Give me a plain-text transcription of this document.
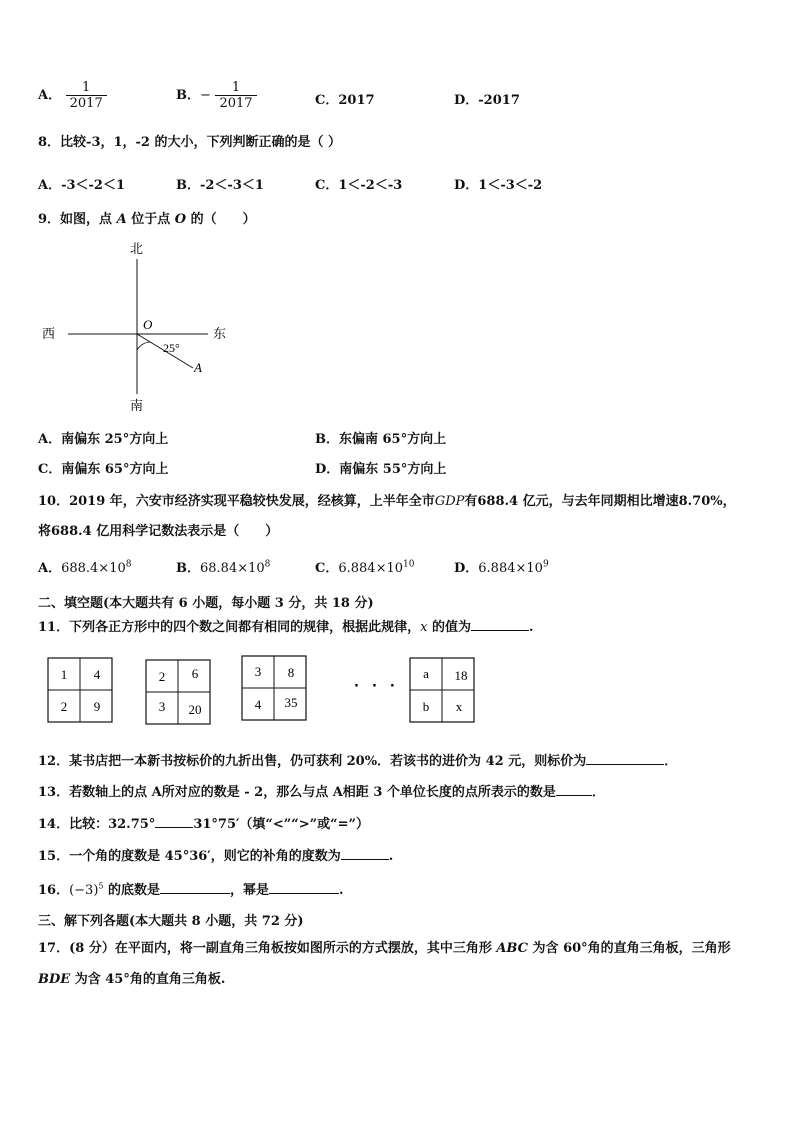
A． $\frac{1}{2017}$	B．− $\frac{1}{2017}$	C．2017	D．-2017
8．比较-3，1，-2 的大小，下列判断正确的是（ ）
A．-3＜-2＜1	B．-2＜-3＜1	C．1＜-2＜-3	D．1＜-3＜-2
9．如图，点 A 位于点 O 的（　　）
北
南
西	东
O
25°
A
A．南偏东 25°方向上	B．东偏南 65°方向上
C．南偏东 65°方向上	D．南偏东 55°方向上
10．2019 年，六安市经济实现平稳较快发展，经核算，上半年全市GDP有688.4 亿元，与去年同期相比增速8.70%，
将688.4 亿用科学记数法表示是（　　）
A．$688.4\times 10^8$	B．$68.84\times 10^8$	C．$6.884\times 10^{10}$	D．$6.884\times 10^9$
二、填空题(本大题共有 6 小题，每小题 3 分，共 18 分)
11．下列各正方形中的四个数之间都有相同的规律，根据此规律，x 的值为	.
1 4
2 9
2 6
3 20
3 8
4 35
·　·　·
a 18
b x
12．某书店把一本新书按标价的九折出售，仍可获利 20%．若该书的进价为 42 元，则标价为	．
13．若数轴上的点 A所对应的数是 - 2，那么与点 A相距 3 个单位长度的点所表示的数是	．
14．比较：32.75°	31°75′（填“<”“>”或“=”）
15．一个角的度数是 45°36′，则它的补角的度数为	.
16．$(-3)^5$ 的底数是	，幂是	.
三、解下列各题(本大题共 8 小题，共 72 分)
17．(8 分）在平面内，将一副直角三角板按如图所示的方式摆放，其中三角形 ABC 为含 60°角的直角三角板，三角形
BDE 为含 45°角的直角三角板.
